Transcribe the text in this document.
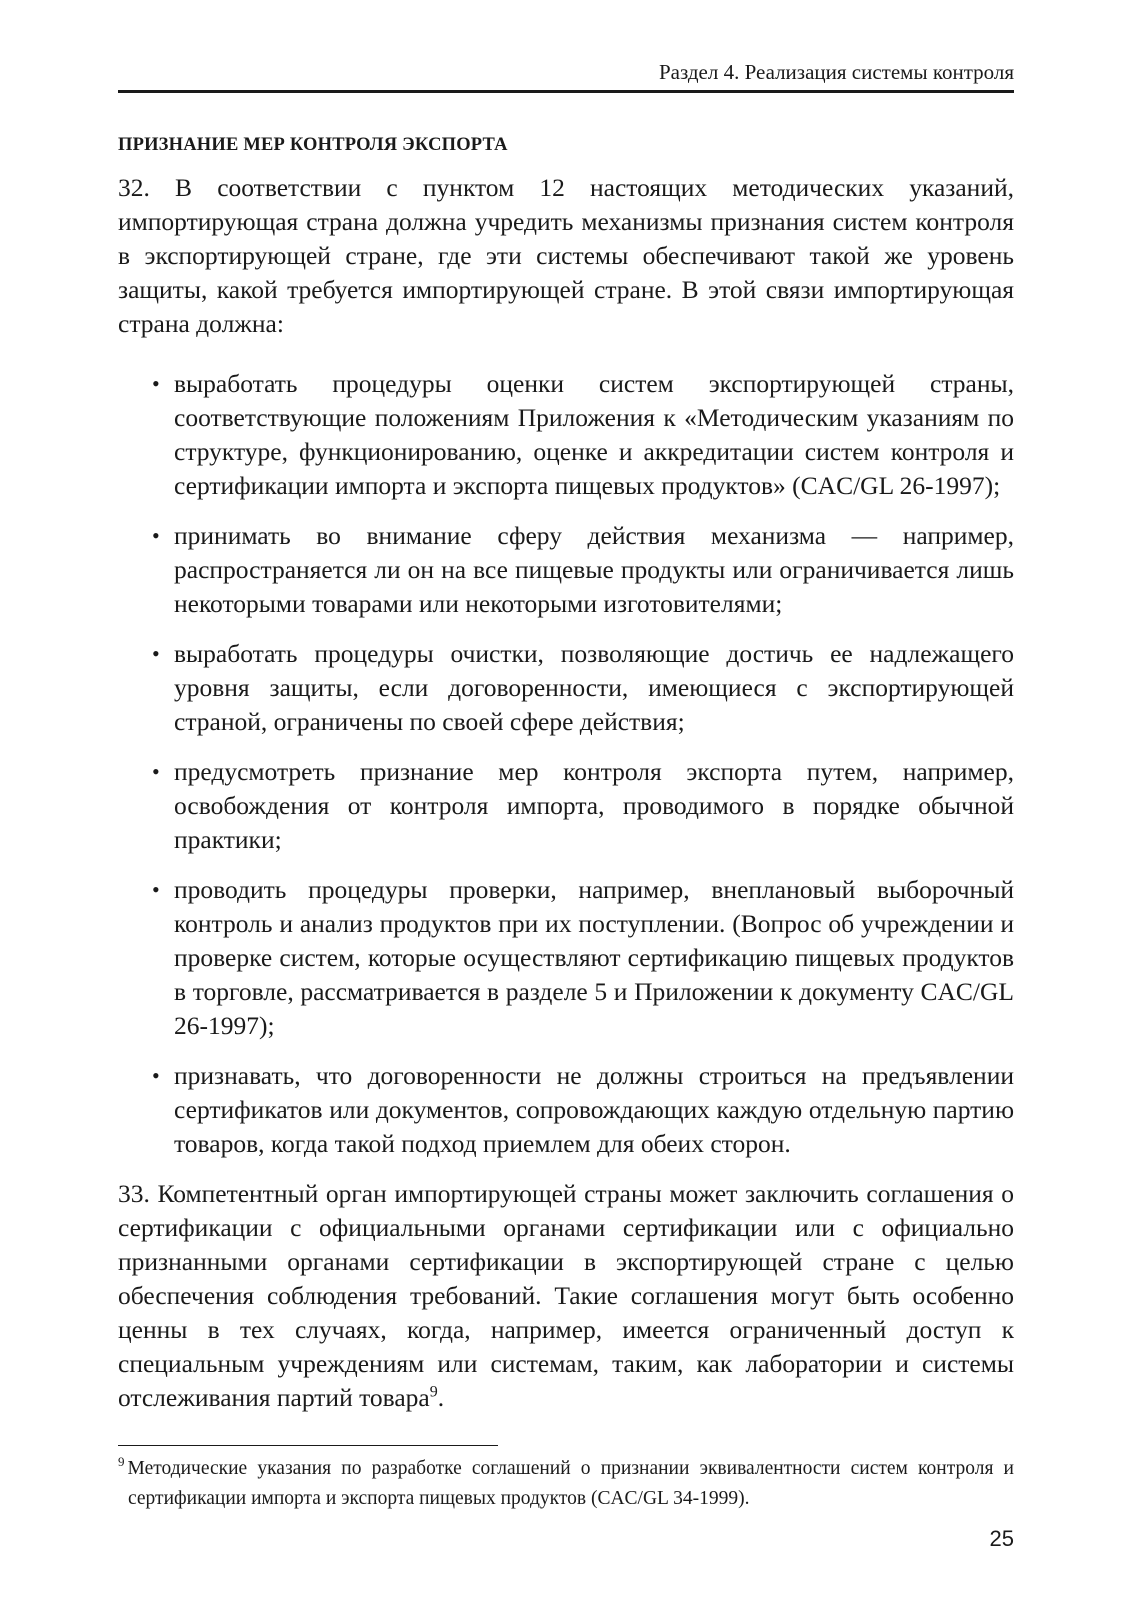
Раздел 4. Реализация системы контроля
ПРИЗНАНИЕ МЕР КОНТРОЛЯ ЭКСПОРТА

32. В соответствии с пунктом 12 настоящих методических указаний, импортирующая страна должна учредить механизмы признания систем контроля в экспортирующей стране, где эти системы обеспечивают такой же уровень защиты, какой требуется импортирующей стране. В этой связи импортирующая страна должна:

• выработать процедуры оценки систем экспортирующей страны, соответствующие положениям Приложения к «Методическим указаниям по структуре, функционированию, оценке и аккредитации систем контроля и сертификации импорта и экспорта пищевых продуктов» (CAC/GL 26-1997);
• принимать во внимание сферу действия механизма — например, распространяется ли он на все пищевые продукты или ограничивается лишь некоторыми товарами или некоторыми изготовителями;
• выработать процедуры очистки, позволяющие достичь ее надлежащего уровня защиты, если договоренности, имеющиеся с экспортирующей страной, ограничены по своей сфере действия;
• предусмотреть признание мер контроля экспорта путем, например, освобождения от контроля импорта, проводимого в порядке обычной практики;
• проводить процедуры проверки, например, внеплановый выборочный контроль и анализ продуктов при их поступлении. (Вопрос об учреждении и проверке систем, которые осуществляют сертификацию пищевых продуктов в торговле, рассматривается в разделе 5 и Приложении к документу CAC/GL 26-1997);
• признавать, что договоренности не должны строиться на предъявлении сертификатов или документов, сопровождающих каждую отдельную партию товаров, когда такой подход приемлем для обеих сторон.

33. Компетентный орган импортирующей страны может заключить соглашения о сертификации с официальными органами сертификации или с официально признанными органами сертификации в экспортирующей стране с целью обеспечения соблюдения требований. Такие соглашения могут быть особенно ценны в тех случаях, когда, например, имеется ограниченный доступ к специальным учреждениям или системам, таким, как лаборатории и системы отслеживания партий товара$^9$.

$^9$ Методические указания по разработке соглашений о признании эквивалентности систем контроля и сертификации импорта и экспорта пищевых продуктов (CAC/GL 34-1999).
25
